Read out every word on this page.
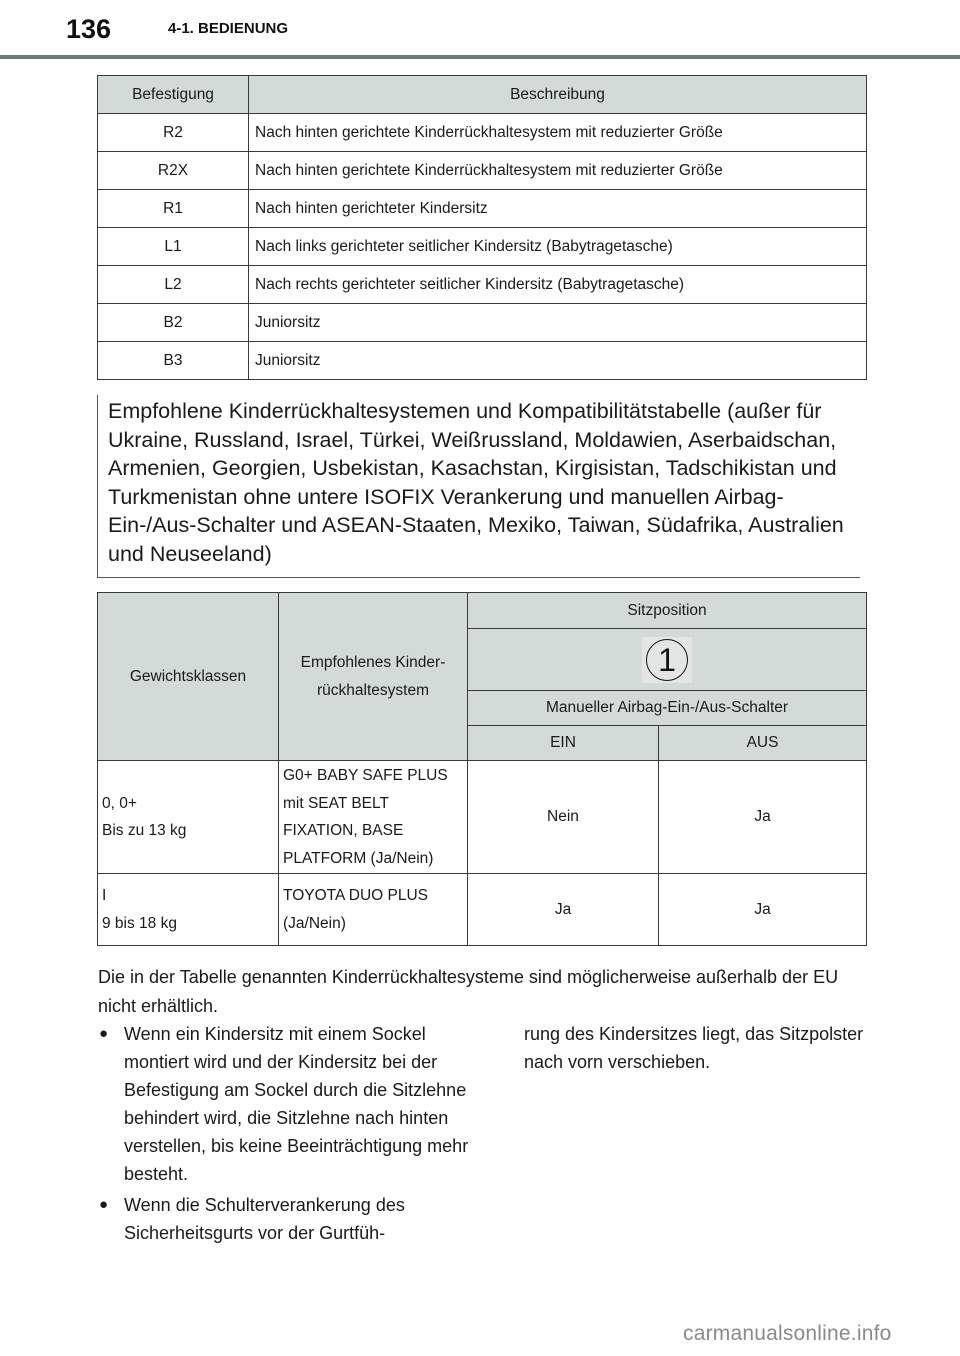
136	4-1. BEDIENUNG
Befestigung	Beschreibung
R2	Nach hinten gerichtete Kinderrückhaltesystem mit reduzierter Größe
R2X	Nach hinten gerichtete Kinderrückhaltesystem mit reduzierter Größe
R1	Nach hinten gerichteter Kindersitz
L1	Nach links gerichteter seitlicher Kindersitz (Babytragetasche)
L2	Nach rechts gerichteter seitlicher Kindersitz (Babytragetasche)
B2	Juniorsitz
B3	Juniorsitz
Empfohlene Kinderrückhaltesystemen und Kompatibilitätstabelle (außer für Ukraine, Russland, Israel, Türkei, Weißrussland, Moldawien, Aserbaidschan, Armenien, Georgien, Usbekistan, Kasachstan, Kirgisistan, Tadschikistan und Turkmenistan ohne untere ISOFIX Verankerung und manuellen Airbag-Ein-/Aus-Schalter und ASEAN-Staaten, Mexiko, Taiwan, Südafrika, Australien und Neuseeland)
Gewichtsklassen	Empfohlenes Kinder-rückhaltesystem	Sitzposition	
		1	
		Manueller Airbag-Ein-/Aus-Schalter	
		EIN	AUS

0, 0+
Bis zu 13 kg	G0+ BABY SAFE PLUS mit SEAT BELT FIXATION, BASE PLATFORM (Ja/Nein)	Nein	Ja

I
9 bis 18 kg	TOYOTA DUO PLUS (Ja/Nein)	Ja	Ja
Die in der Tabelle genannten Kinderrückhaltesysteme sind möglicherweise außerhalb der EU nicht erhältlich.
● Wenn ein Kindersitz mit einem Sockel montiert wird und der Kindersitz bei der Befestigung am Sockel durch die Sitzlehne behindert wird, die Sitzlehne nach hinten verstellen, bis keine Beeinträchtigung mehr besteht.
● Wenn die Schulterverankerung des Sicherheitsgurts vor der Gurtfüh-
rung des Kindersitzes liegt, das Sitzpolster nach vorn verschieben.
carmanualsonline.info
